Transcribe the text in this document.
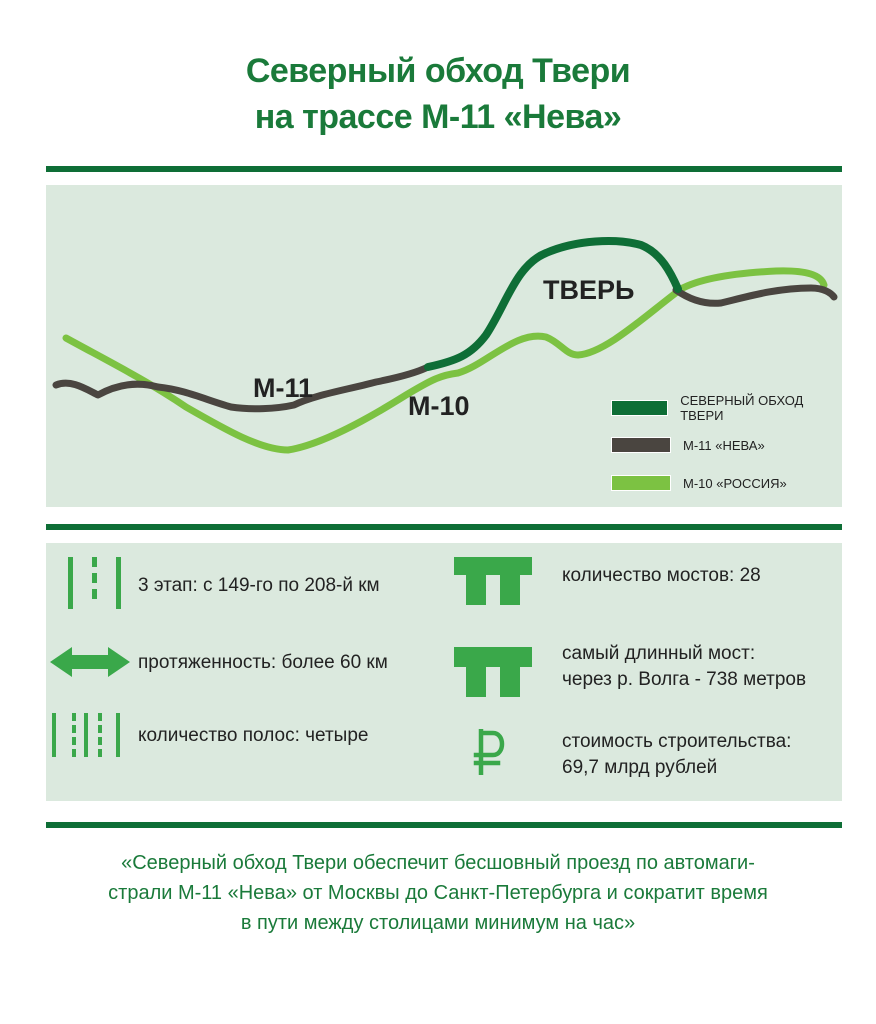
Северный обход Твери
на трассе М-11 «Нева»
ТВЕРЬ
М-11
М-10	СЕВЕРНЫЙ ОБХОД ТВЕРИ
М-11 «НЕВА»
М-10 «РОССИЯ»
3 этап: с 149-го по 208-й км
протяженность: более 60 км
количество полос: четыре
количество мостов: 28
самый длинный мост:
через р. Волга - 738 метров
стоимость строительства:
69,7 млрд рублей
«Северный обход Твери обеспечит бесшовный проезд по автомаги-
страли М-11 «Нева» от Москвы до Санкт-Петербурга и сократит время
в пути между столицами минимум на час»
